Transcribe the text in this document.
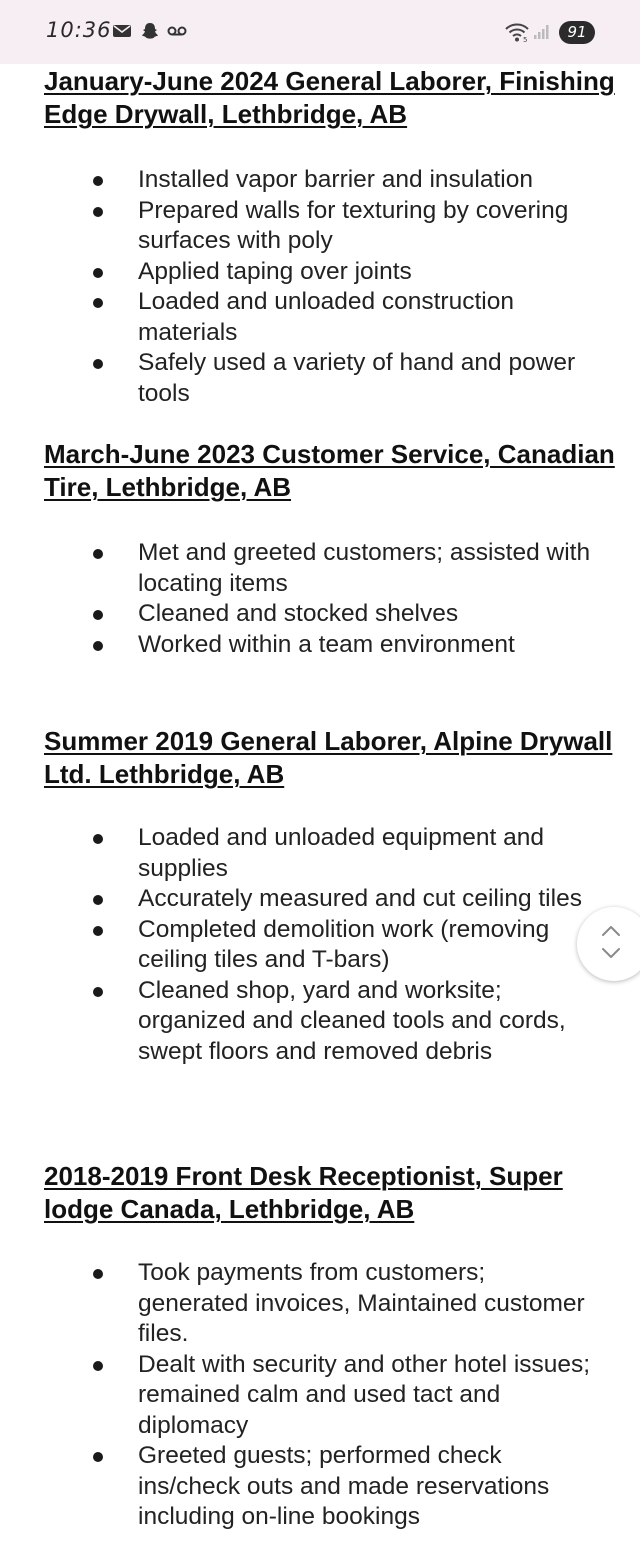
10:36	5	91
January-June 2024 General Laborer, Finishing Edge Drywall, Lethbridge, AB
Installed vapor barrier and insulation
Prepared walls for texturing by covering surfaces with poly
Applied taping over joints
Loaded and unloaded construction materials
Safely used a variety of hand and power tools
March-June 2023 Customer Service, Canadian Tire, Lethbridge, AB
Met and greeted customers; assisted with locating items
Cleaned and stocked shelves
Worked within a team environment
Summer 2019 General Laborer, Alpine Drywall Ltd. Lethbridge, AB
Loaded and unloaded equipment and supplies
Accurately measured and cut ceiling tiles
Completed demolition work (removing ceiling tiles and T-bars)
Cleaned shop, yard and worksite; organized and cleaned tools and cords, swept floors and removed debris
2018-2019 Front Desk Receptionist, Super lodge Canada, Lethbridge, AB
Took payments from customers; generated invoices, Maintained customer files.
Dealt with security and other hotel issues; remained calm and used tact and diplomacy
Greeted guests; performed check ins/check outs and made reservations including on-line bookings
